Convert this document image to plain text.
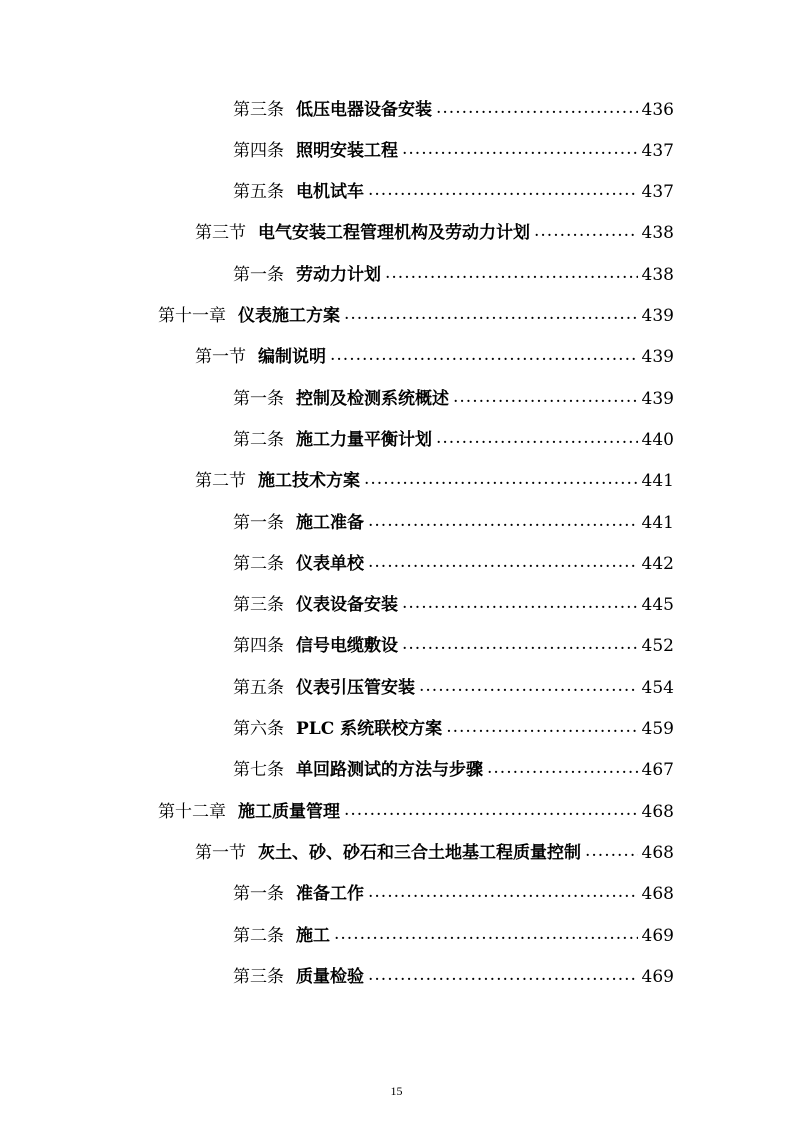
第三条 低压电器设备安装 .....	436
第四条 照明安装工程 .....	437
第五条 电机试车 .....	437
第三节 电气安装工程管理机构及劳动力计划 .....	438
第一条 劳动力计划 .....	438
第十一章 仪表施工方案 .....	439
第一节 编制说明 .....	439
第一条 控制及检测系统概述 .....	439
第二条 施工力量平衡计划 .....	440
第二节 施工技术方案 .....	441
第一条 施工准备 .....	441
第二条 仪表单校 .....	442
第三条 仪表设备安装 .....	445
第四条 信号电缆敷设 .....	452
第五条 仪表引压管安装 .....	454
第六条 PLC 系统联校方案 .....	459
第七条 单回路测试的方法与步骤 .....	467
第十二章 施工质量管理 .....	468
第一节 灰土、砂、砂石和三合土地基工程质量控制 .....	468
第一条 准备工作 .....	468
第二条 施工 .....	469
第三条 质量检验 .....	469
15
